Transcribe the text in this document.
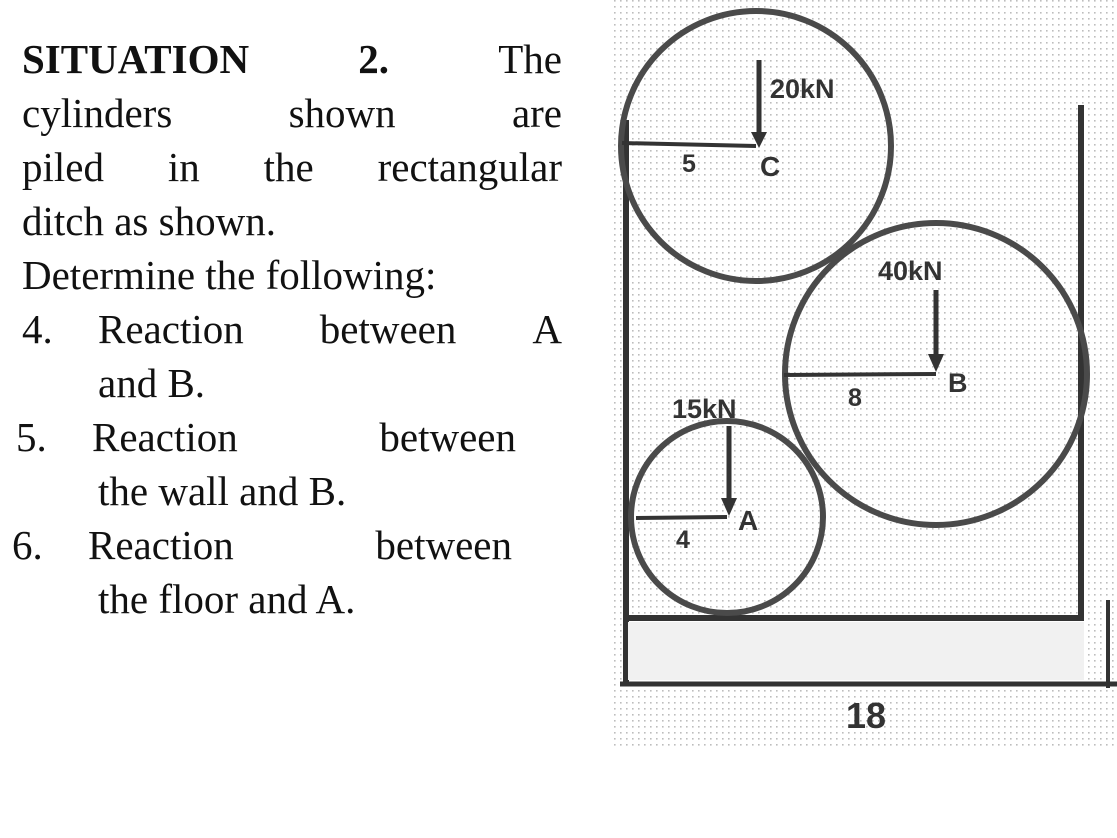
SITUATION	2.	The
cylinders	shown	are
piled in the rectangular
ditch as shown.
Determine the following:
4.	Reaction between A
and B.
5.	Reaction	between
the wall and B.
6.	Reaction	between
the floor and A.
20kN
C
5
40kN
B
8
15kN
A
4
18
